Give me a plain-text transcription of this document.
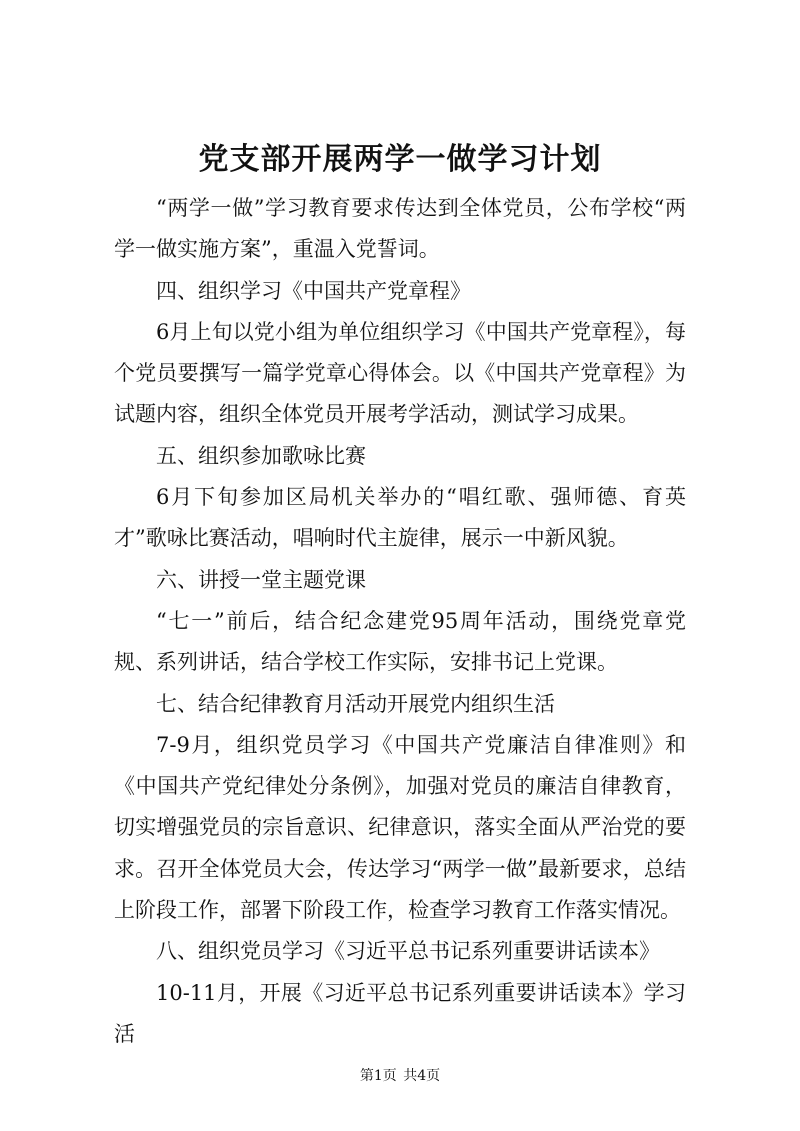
党支部开展两学一做学习计划

“两学一做”学习教育要求传达到全体党员，公布学校“两学一做实施方案”，重温入党誓词。

四、组织学习《中国共产党章程》

6月上旬以党小组为单位组织学习《中国共产党章程》，每个党员要撰写一篇学党章心得体会。以《中国共产党章程》为试题内容，组织全体党员开展考学活动，测试学习成果。

五、组织参加歌咏比赛

6月下旬参加区局机关举办的“唱红歌、强师德、育英才”歌咏比赛活动，唱响时代主旋律，展示一中新风貌。

六、讲授一堂主题党课

“七一”前后，结合纪念建党95周年活动，围绕党章党规、系列讲话，结合学校工作实际，安排书记上党课。

七、结合纪律教育月活动开展党内组织生活

7-9月，组织党员学习《中国共产党廉洁自律准则》和《中国共产党纪律处分条例》，加强对党员的廉洁自律教育，切实增强党员的宗旨意识、纪律意识，落实全面从严治党的要求。召开全体党员大会，传达学习“两学一做”最新要求，总结上阶段工作，部署下阶段工作，检查学习教育工作落实情况。

八、组织党员学习《习近平总书记系列重要讲话读本》

10-11月，开展《习近平总书记系列重要讲话读本》学习活

第1页 共4页
